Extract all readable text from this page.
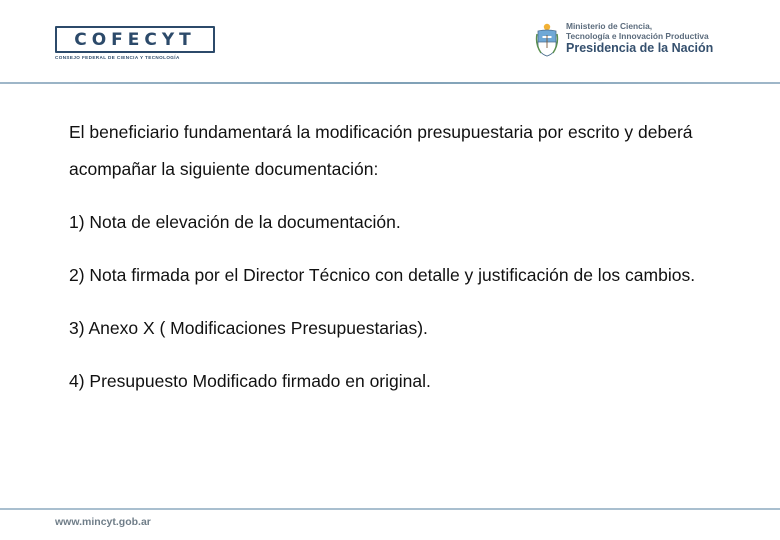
COFECYT
CONSEJO FEDERAL DE CIENCIA Y TECNOLOGÍA
Ministerio de Ciencia,
Tecnología e Innovación Productiva
Presidencia de la Nación

El beneficiario fundamentará la modificación presupuestaria por escrito y deberá acompañar la siguiente documentación:

1) Nota de elevación de la documentación.

2) Nota firmada por el Director Técnico con detalle y justificación de los cambios.

3) Anexo X ( Modificaciones Presupuestarias).

4) Presupuesto Modificado firmado en original.

www.mincyt.gob.ar
